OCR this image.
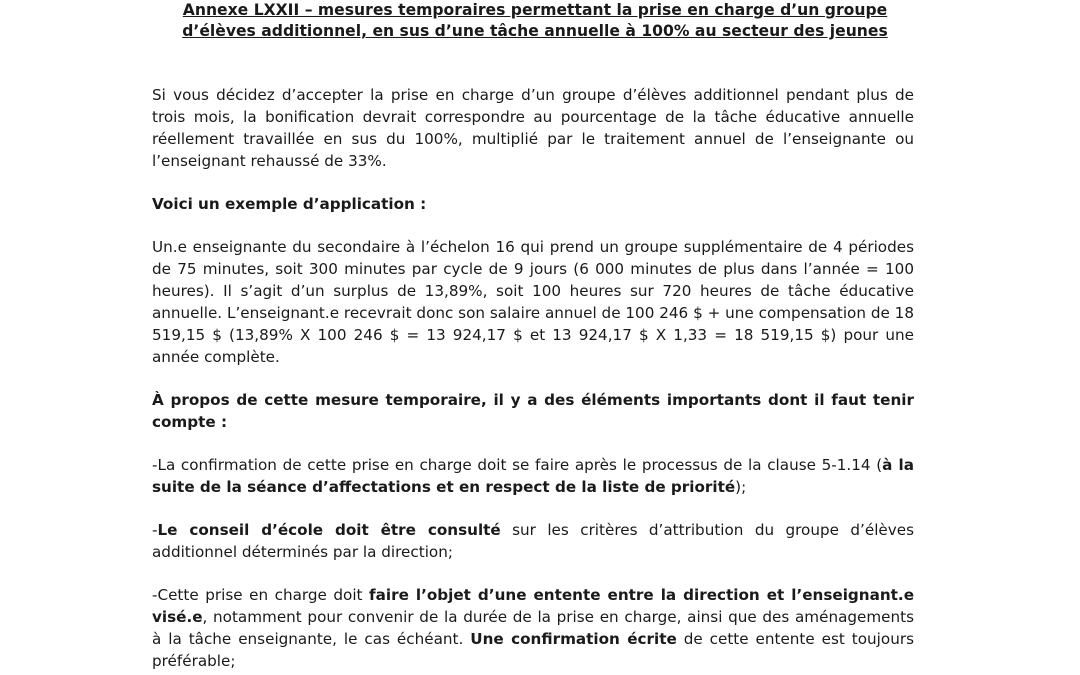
Annexe LXXII – mesures temporaires permettant la prise en charge d’un groupe
d’élèves additionnel, en sus d’une tâche annuelle à 100% au secteur des jeunes

Si vous décidez d’accepter la prise en charge d’un groupe d’élèves additionnel pendant plus de trois mois, la bonification devrait correspondre au pourcentage de la tâche éducative annuelle réellement travaillée en sus du 100%, multiplié par le traitement annuel de l’enseignante ou l’enseignant rehaussé de 33%.

Voici un exemple d’application :

Un.e enseignante du secondaire à l’échelon 16 qui prend un groupe supplémentaire de 4 périodes de 75 minutes, soit 300 minutes par cycle de 9 jours (6 000 minutes de plus dans l’année = 100 heures). Il s’agit d’un surplus de 13,89%, soit 100 heures sur 720 heures de tâche éducative annuelle. L’enseignant.e recevrait donc son salaire annuel de 100 246 $ + une compensation de 18 519,15 $ (13,89% X 100 246 $ = 13 924,17 $ et 13 924,17 $ X 1,33 = 18 519,15 $) pour une année complète.

À propos de cette mesure temporaire, il y a des éléments importants dont il faut tenir compte :

-La confirmation de cette prise en charge doit se faire après le processus de la clause 5-1.14 (à la suite de la séance d’affectations et en respect de la liste de priorité);

-Le conseil d’école doit être consulté sur les critères d’attribution du groupe d’élèves additionnel déterminés par la direction;

-Cette prise en charge doit faire l’objet d’une entente entre la direction et l’enseignant.e visé.e, notamment pour convenir de la durée de la prise en charge, ainsi que des aménagements à la tâche enseignante, le cas échéant. Une confirmation écrite de cette entente est toujours préférable;
